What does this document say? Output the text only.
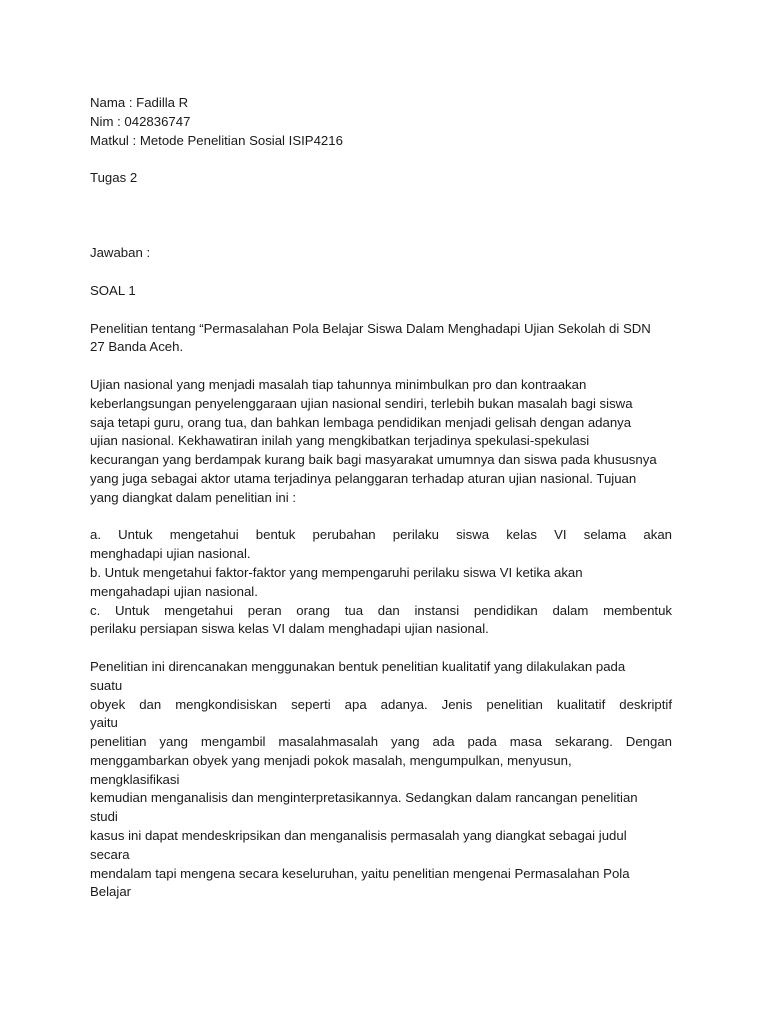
Nama : Fadilla R
Nim : 042836747
Matkul : Metode Penelitian Sosial ISIP4216
Tugas 2
Jawaban :
SOAL 1
Penelitian tentang “Permasalahan Pola Belajar Siswa Dalam Menghadapi Ujian Sekolah di SDN
27 Banda Aceh.
Ujian nasional yang menjadi masalah tiap tahunnya minimbulkan pro dan kontraakan
keberlangsungan penyelenggaraan ujian nasional sendiri, terlebih bukan masalah bagi siswa
saja tetapi guru, orang tua, dan bahkan lembaga pendidikan menjadi gelisah dengan adanya
ujian nasional. Kekhawatiran inilah yang mengkibatkan terjadinya spekulasi-spekulasi
kecurangan yang berdampak kurang baik bagi masyarakat umumnya dan siswa pada khususnya
yang juga sebagai aktor utama terjadinya pelanggaran terhadap aturan ujian nasional. Tujuan
yang diangkat dalam penelitian ini :
a. Untuk mengetahui bentuk perubahan perilaku siswa kelas VI selama akan
menghadapi ujian nasional.
b. Untuk mengetahui faktor-faktor yang mempengaruhi perilaku siswa VI ketika akan
mengahadapi ujian nasional.
c. Untuk mengetahui peran orang tua dan instansi pendidikan dalam membentuk
perilaku persiapan siswa kelas VI dalam menghadapi ujian nasional.
Penelitian ini direncanakan menggunakan bentuk penelitian kualitatif yang dilakulakan pada
suatu
obyek dan mengkondisiskan seperti apa adanya. Jenis penelitian kualitatif deskriptif
yaitu
penelitian yang mengambil masalahmasalah yang ada pada masa sekarang. Dengan
menggambarkan obyek yang menjadi pokok masalah, mengumpulkan, menyusun,
mengklasifikasi
kemudian menganalisis dan menginterpretasikannya. Sedangkan dalam rancangan penelitian
studi
kasus ini dapat mendeskripsikan dan menganalisis permasalah yang diangkat sebagai judul
secara
mendalam tapi mengena secara keseluruhan, yaitu penelitian mengenai Permasalahan Pola
Belajar
